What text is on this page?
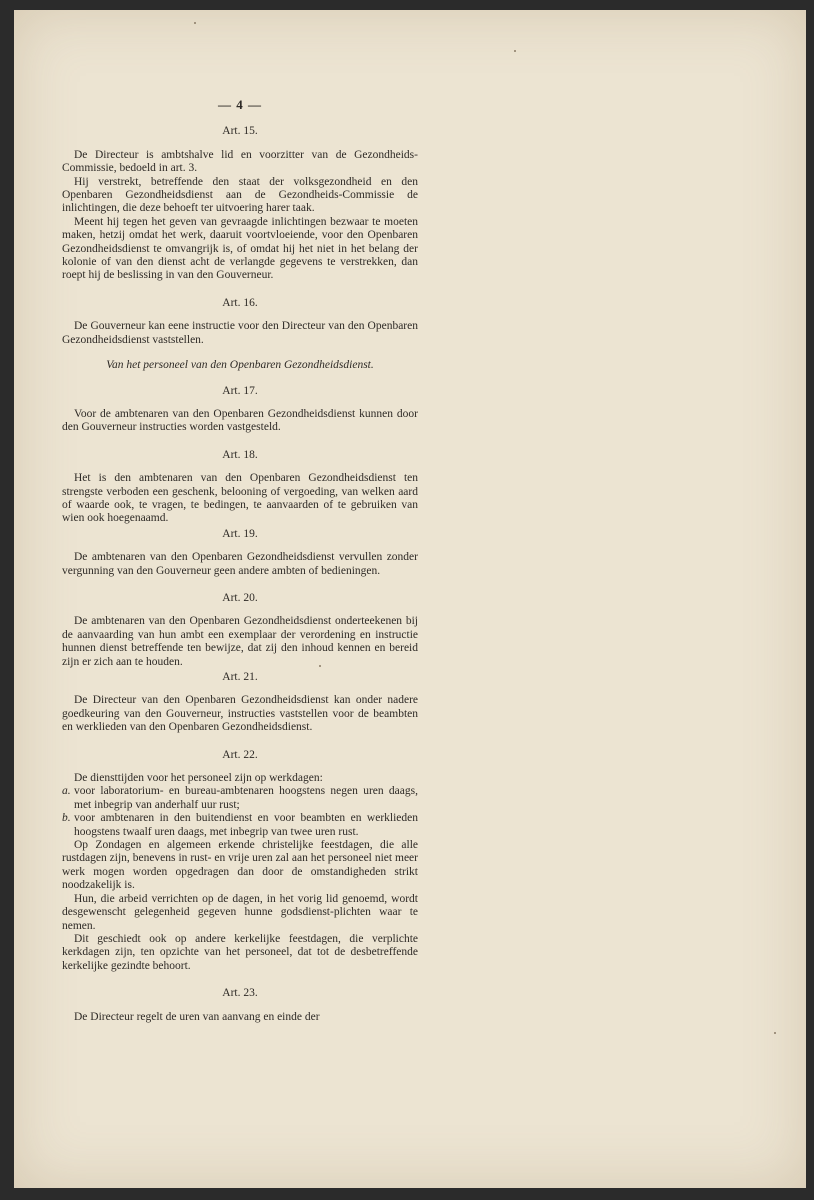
— 4 —
Art. 15.

De Directeur is ambtshalve lid en voorzitter van de Gezondheids-Commissie, bedoeld in art. 3.

Hij verstrekt, betreffende den staat der volksgezondheid en den Openbaren Gezondheidsdienst aan de Gezondheids-Commissie de inlichtingen, die deze behoeft ter uitvoering harer taak.

Meent hij tegen het geven van gevraagde inlichtingen bezwaar te moeten maken, hetzij omdat het werk, daaruit voortvloeiende, voor den Openbaren Gezondheidsdienst te omvangrijk is, of omdat hij het niet in het belang der kolonie of van den dienst acht de verlangde gegevens te verstrekken, dan roept hij de beslissing in van den Gouverneur.

Art. 16.

De Gouverneur kan eene instructie voor den Directeur van den Openbaren Gezondheidsdienst vaststellen.

Van het personeel van den Openbaren Gezondheidsdienst.
Art. 17.

Voor de ambtenaren van den Openbaren Gezondheidsdienst kunnen door den Gouverneur instructies worden vastgesteld.

Art. 18.

Het is den ambtenaren van den Openbaren Gezondheidsdienst ten strengste verboden een geschenk, belooning of vergoeding, van welken aard of waarde ook, te vragen, te bedingen, te aanvaarden of te gebruiken van wien ook hoegenaamd.

Art. 19.

De ambtenaren van den Openbaren Gezondheidsdienst vervullen zonder vergunning van den Gouverneur geen andere ambten of bedieningen.

Art. 20.

De ambtenaren van den Openbaren Gezondheidsdienst onderteekenen bij de aanvaarding van hun ambt een exemplaar der verordening en instructie hunnen dienst betreffende ten bewijze, dat zij den inhoud kennen en bereid zijn er zich aan te houden.

Art. 21.

De Directeur van den Openbaren Gezondheidsdienst kan onder nadere goedkeuring van den Gouverneur, instructies vaststellen voor de beambten en werklieden van den Openbaren Gezondheidsdienst.

Art. 22.

De diensttijden voor het personeel zijn op werkdagen:

a. voor laboratorium- en bureau-ambtenaren hoogstens negen uren daags, met inbegrip van anderhalf uur rust;
b. voor ambtenaren in den buitendienst en voor beambten en werklieden hoogstens twaalf uren daags, met inbegrip van twee uren rust.

Op Zondagen en algemeen erkende christelijke feestdagen, die alle rustdagen zijn, benevens in rust- en vrije uren zal aan het personeel niet meer werk mogen worden opgedragen dan door de omstandigheden strikt noodzakelijk is.

Hun, die arbeid verrichten op de dagen, in het vorig lid genoemd, wordt desgewenscht gelegenheid gegeven hunne godsdienst-plichten waar te nemen.

Dit geschiedt ook op andere kerkelijke feestdagen, die verplichte kerkdagen zijn, ten opzichte van het personeel, dat tot de desbetreffende kerkelijke gezindte behoort.

Art. 23.

De Directeur regelt de uren van aanvang en einde der
